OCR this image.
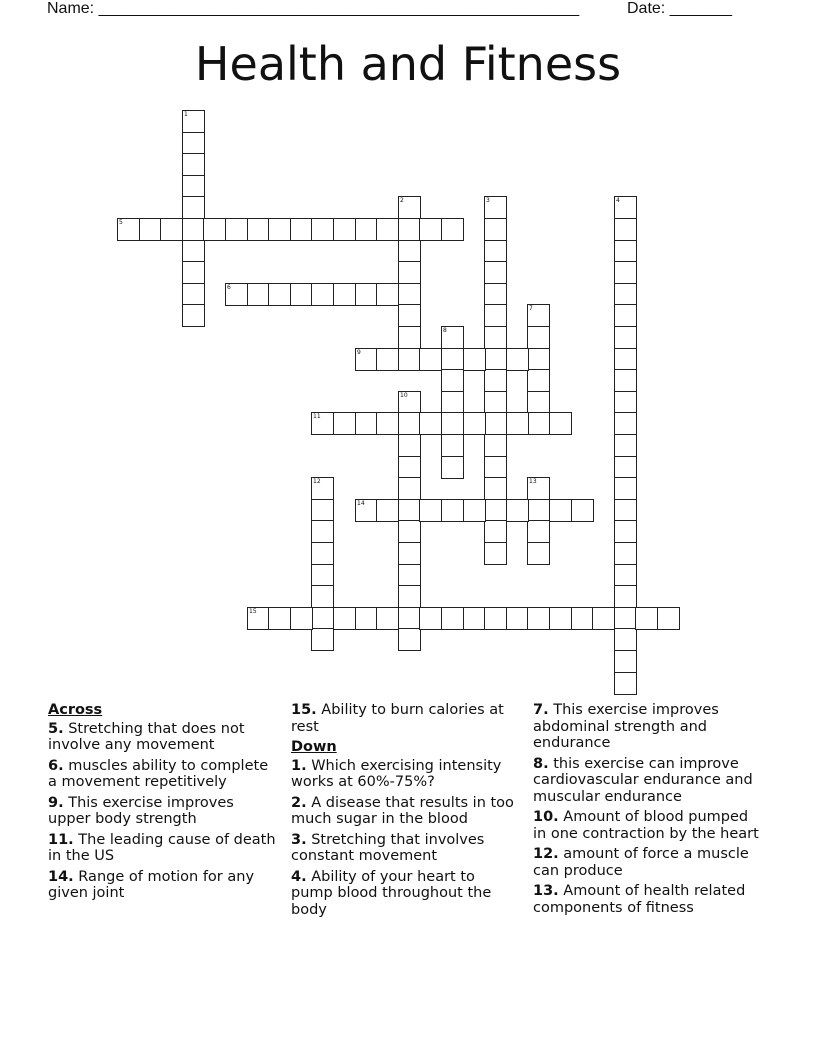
Name: ______________________________________________________	Date: _______
Health and Fitness
1
2	3	4
5
6
7
8
9
10
11
12	13
14
15
Across
5. Stretching that does not involve any movement
6. muscles ability to complete a movement repetitively
9. This exercise improves upper body strength
11. The leading cause of death in the US
14. Range of motion for any given joint
15. Ability to burn calories at rest
Down
1. Which exercising intensity works at 60%-75%?
2. A disease that results in too much sugar in the blood
3. Stretching that involves constant movement
4. Ability of your heart to pump blood throughout the body
7. This exercise improves abdominal strength and endurance
8. this exercise can improve cardiovascular endurance and muscular endurance
10. Amount of blood pumped in one contraction by the heart
12. amount of force a muscle can produce
13. Amount of health related components of fitness
